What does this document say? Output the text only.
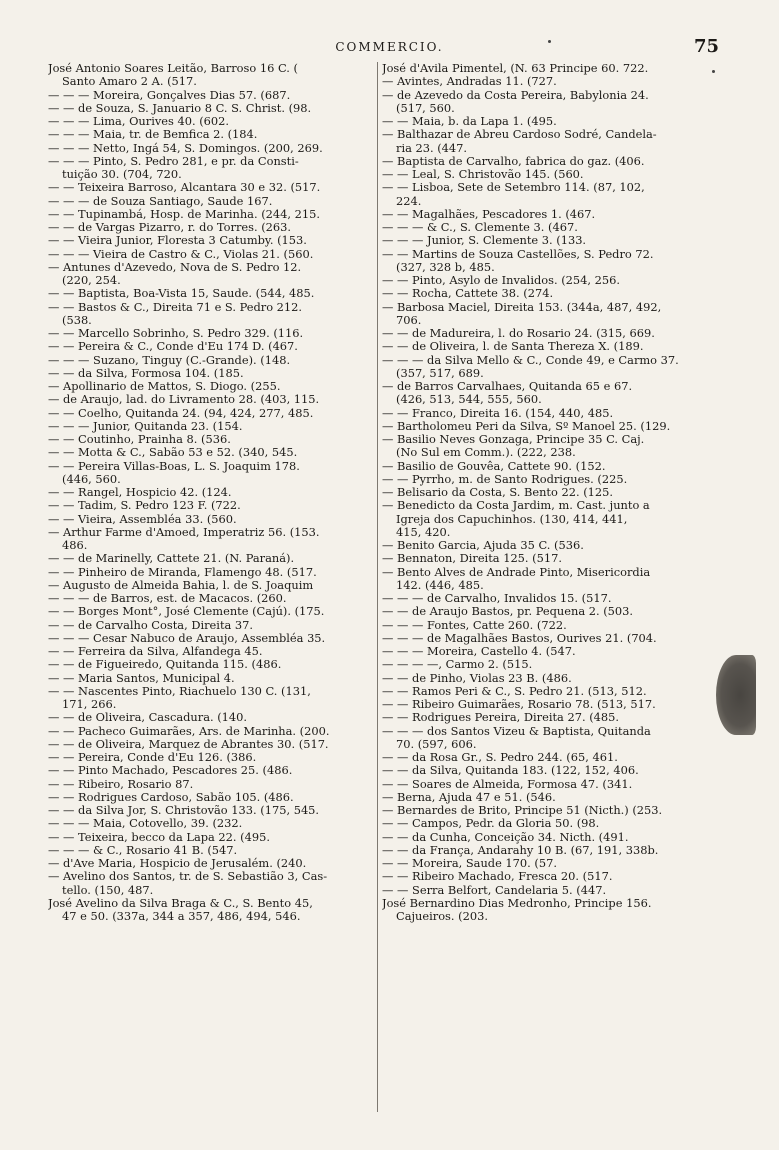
COMMERCIO.	75
José Antonio Soares Leitão, Barroso 16 C. (
Santo Amaro 2 A. (517.
— — — Moreira, Gonçalves Dias 57. (687.
— — de Souza, S. Januario 8 C. S. Christ. (98.
— — — Lima, Ourives 40. (602.
— — — Maia, tr. de Bemfica 2. (184.
— — — Netto, Ingá 54, S. Domingos. (200, 269.
— — — Pinto, S. Pedro 281, e pr. da Consti-
tuição 30. (704, 720.
— — Teixeira Barroso, Alcantara 30 e 32. (517.
— — — de Souza Santiago, Saude 167.
— — Tupinambá, Hosp. de Marinha. (244, 215.
— — de Vargas Pizarro, r. do Torres. (263.
— — Vieira Junior, Floresta 3 Catumby. (153.
— — — Vieira de Castro & C., Violas 21. (560.
— Antunes d'Azevedo, Nova de S. Pedro 12.
(220, 254.
— — Baptista, Boa-Vista 15, Saude. (544, 485.
— — Bastos & C., Direita 71 e S. Pedro 212.
(538.
— — Marcello Sobrinho, S. Pedro 329. (116.
— — Pereira & C., Conde d'Eu 174 D. (467.
— — — Suzano, Tinguy (C.-Grande). (148.
— — da Silva, Formosa 104. (185.
— Apollinario de Mattos, S. Diogo. (255.
— de Araujo, lad. do Livramento 28. (403, 115.
— — Coelho, Quitanda 24. (94, 424, 277, 485.
— — — Junior, Quitanda 23. (154.
— — Coutinho, Prainha 8. (536.
— — Motta & C., Sabão 53 e 52. (340, 545.
— — Pereira Villas-Boas, L. S. Joaquim 178.
(446, 560.
— — Rangel, Hospicio 42. (124.
— — Tadim, S. Pedro 123 F. (722.
— — Vieira, Assembléa 33. (560.
— Arthur Farme d'Amoed, Imperatriz 56. (153.
486.
— — de Marinelly, Cattete 21. (N. Paraná).
— — Pinheiro de Miranda, Flamengo 48. (517.
— Augusto de Almeida Bahia, l. de S. Joaquim
— — — de Barros, est. de Macacos. (260.
— — Borges Mont°, José Clemente (Cajú). (175.
— — de Carvalho Costa, Direita 37.
— — — Cesar Nabuco de Araujo, Assembléa 35.
— — Ferreira da Silva, Alfandega 45.
— — de Figueiredo, Quitanda 115. (486.
— — Maria Santos, Municipal 4.
— — Nascentes Pinto, Riachuelo 130 C. (131,
171, 266.
— — de Oliveira, Cascadura. (140.
— — Pacheco Guimarães, Ars. de Marinha. (200.
— — de Oliveira, Marquez de Abrantes 30. (517.
— — Pereira, Conde d'Eu 126. (386.
— — Pinto Machado, Pescadores 25. (486.
— — Ribeiro, Rosario 87.
— — Rodrigues Cardoso, Sabão 105. (486.
— — da Silva Jor, S. Christovão 133. (175, 545.
— — — Maia, Cotovello, 39. (232.
— — Teixeira, becco da Lapa 22. (495.
— — — & C., Rosario 41 B. (547.
— d'Ave Maria, Hospicio de Jerusalém. (240.
— Avelino dos Santos, tr. de S. Sebastião 3, Cas-
tello. (150, 487.
José Avelino da Silva Braga & C., S. Bento 45,
47 e 50. (337a, 344 a 357, 486, 494, 546.
José d'Avila Pimentel, (N. 63 Principe 60. 722.
— Avintes, Andradas 11. (727.
— de Azevedo da Costa Pereira, Babylonia 24.
(517, 560.
— — Maia, b. da Lapa 1. (495.
— Balthazar de Abreu Cardoso Sodré, Candela-
ria 23. (447.
— Baptista de Carvalho, fabrica do gaz. (406.
— — Leal, S. Christovão 145. (560.
— — Lisboa, Sete de Setembro 114. (87, 102,
224.
— — Magalhães, Pescadores 1. (467.
— — — & C., S. Clemente 3. (467.
— — — Junior, S. Clemente 3. (133.
— — Martins de Souza Castellões, S. Pedro 72.
(327, 328 b, 485.
— — Pinto, Asylo de Invalidos. (254, 256.
— — Rocha, Cattete 38. (274.
— Barbosa Maciel, Direita 153. (344a, 487, 492,
706.
— — de Madureira, l. do Rosario 24. (315, 669.
— — de Oliveira, l. de Santa Thereza X. (189.
— — — da Silva Mello & C., Conde 49, e Carmo 37.
(357, 517, 689.
— de Barros Carvalhaes, Quitanda 65 e 67.
(426, 513, 544, 555, 560.
— — Franco, Direita 16. (154, 440, 485.
— Bartholomeu Peri da Silva, Sº Manoel 25. (129.
— Basilio Neves Gonzaga, Principe 35 C. Caj.
(No Sul em Comm.). (222, 238.
— Basilio de Gouvêa, Cattete 90. (152.
— — Pyrrho, m. de Santo Rodrigues. (225.
— Belisario da Costa, S. Bento 22. (125.
— Benedicto da Costa Jardim, m. Cast. junto a
Igreja dos Capuchinhos. (130, 414, 441,
415, 420.
— Benito Garcia, Ajuda 35 C. (536.
— Bennaton, Direita 125. (517.
— Bento Alves de Andrade Pinto, Misericordia
142. (446, 485.
— — — de Carvalho, Invalidos 15. (517.
— — de Araujo Bastos, pr. Pequena 2. (503.
— — — Fontes, Catte 260. (722.
— — — de Magalhães Bastos, Ourives 21. (704.
— — — Moreira, Castello 4. (547.
— — — —, Carmo 2. (515.
— — de Pinho, Violas 23 B. (486.
— — Ramos Peri & C., S. Pedro 21. (513, 512.
— — Ribeiro Guimarães, Rosario 78. (513, 517.
— — Rodrigues Pereira, Direita 27. (485.
— — — dos Santos Vizeu & Baptista, Quitanda
70. (597, 606.
— — da Rosa Gr., S. Pedro 244. (65, 461.
— — da Silva, Quitanda 183. (122, 152, 406.
— — Soares de Almeida, Formosa 47. (341.
— Berna, Ajuda 47 e 51. (546.
— Bernardes de Brito, Principe 51 (Nicth.) (253.
— — Campos, Pedr. da Gloria 50. (98.
— — da Cunha, Conceição 34. Nicth. (491.
— — da França, Andarahy 10 B. (67, 191, 338b.
— — Moreira, Saude 170. (57.
— — Ribeiro Machado, Fresca 20. (517.
— — Serra Belfort, Candelaria 5. (447.
José Bernardino Dias Medronho, Principe 156.
Cajueiros. (203.
